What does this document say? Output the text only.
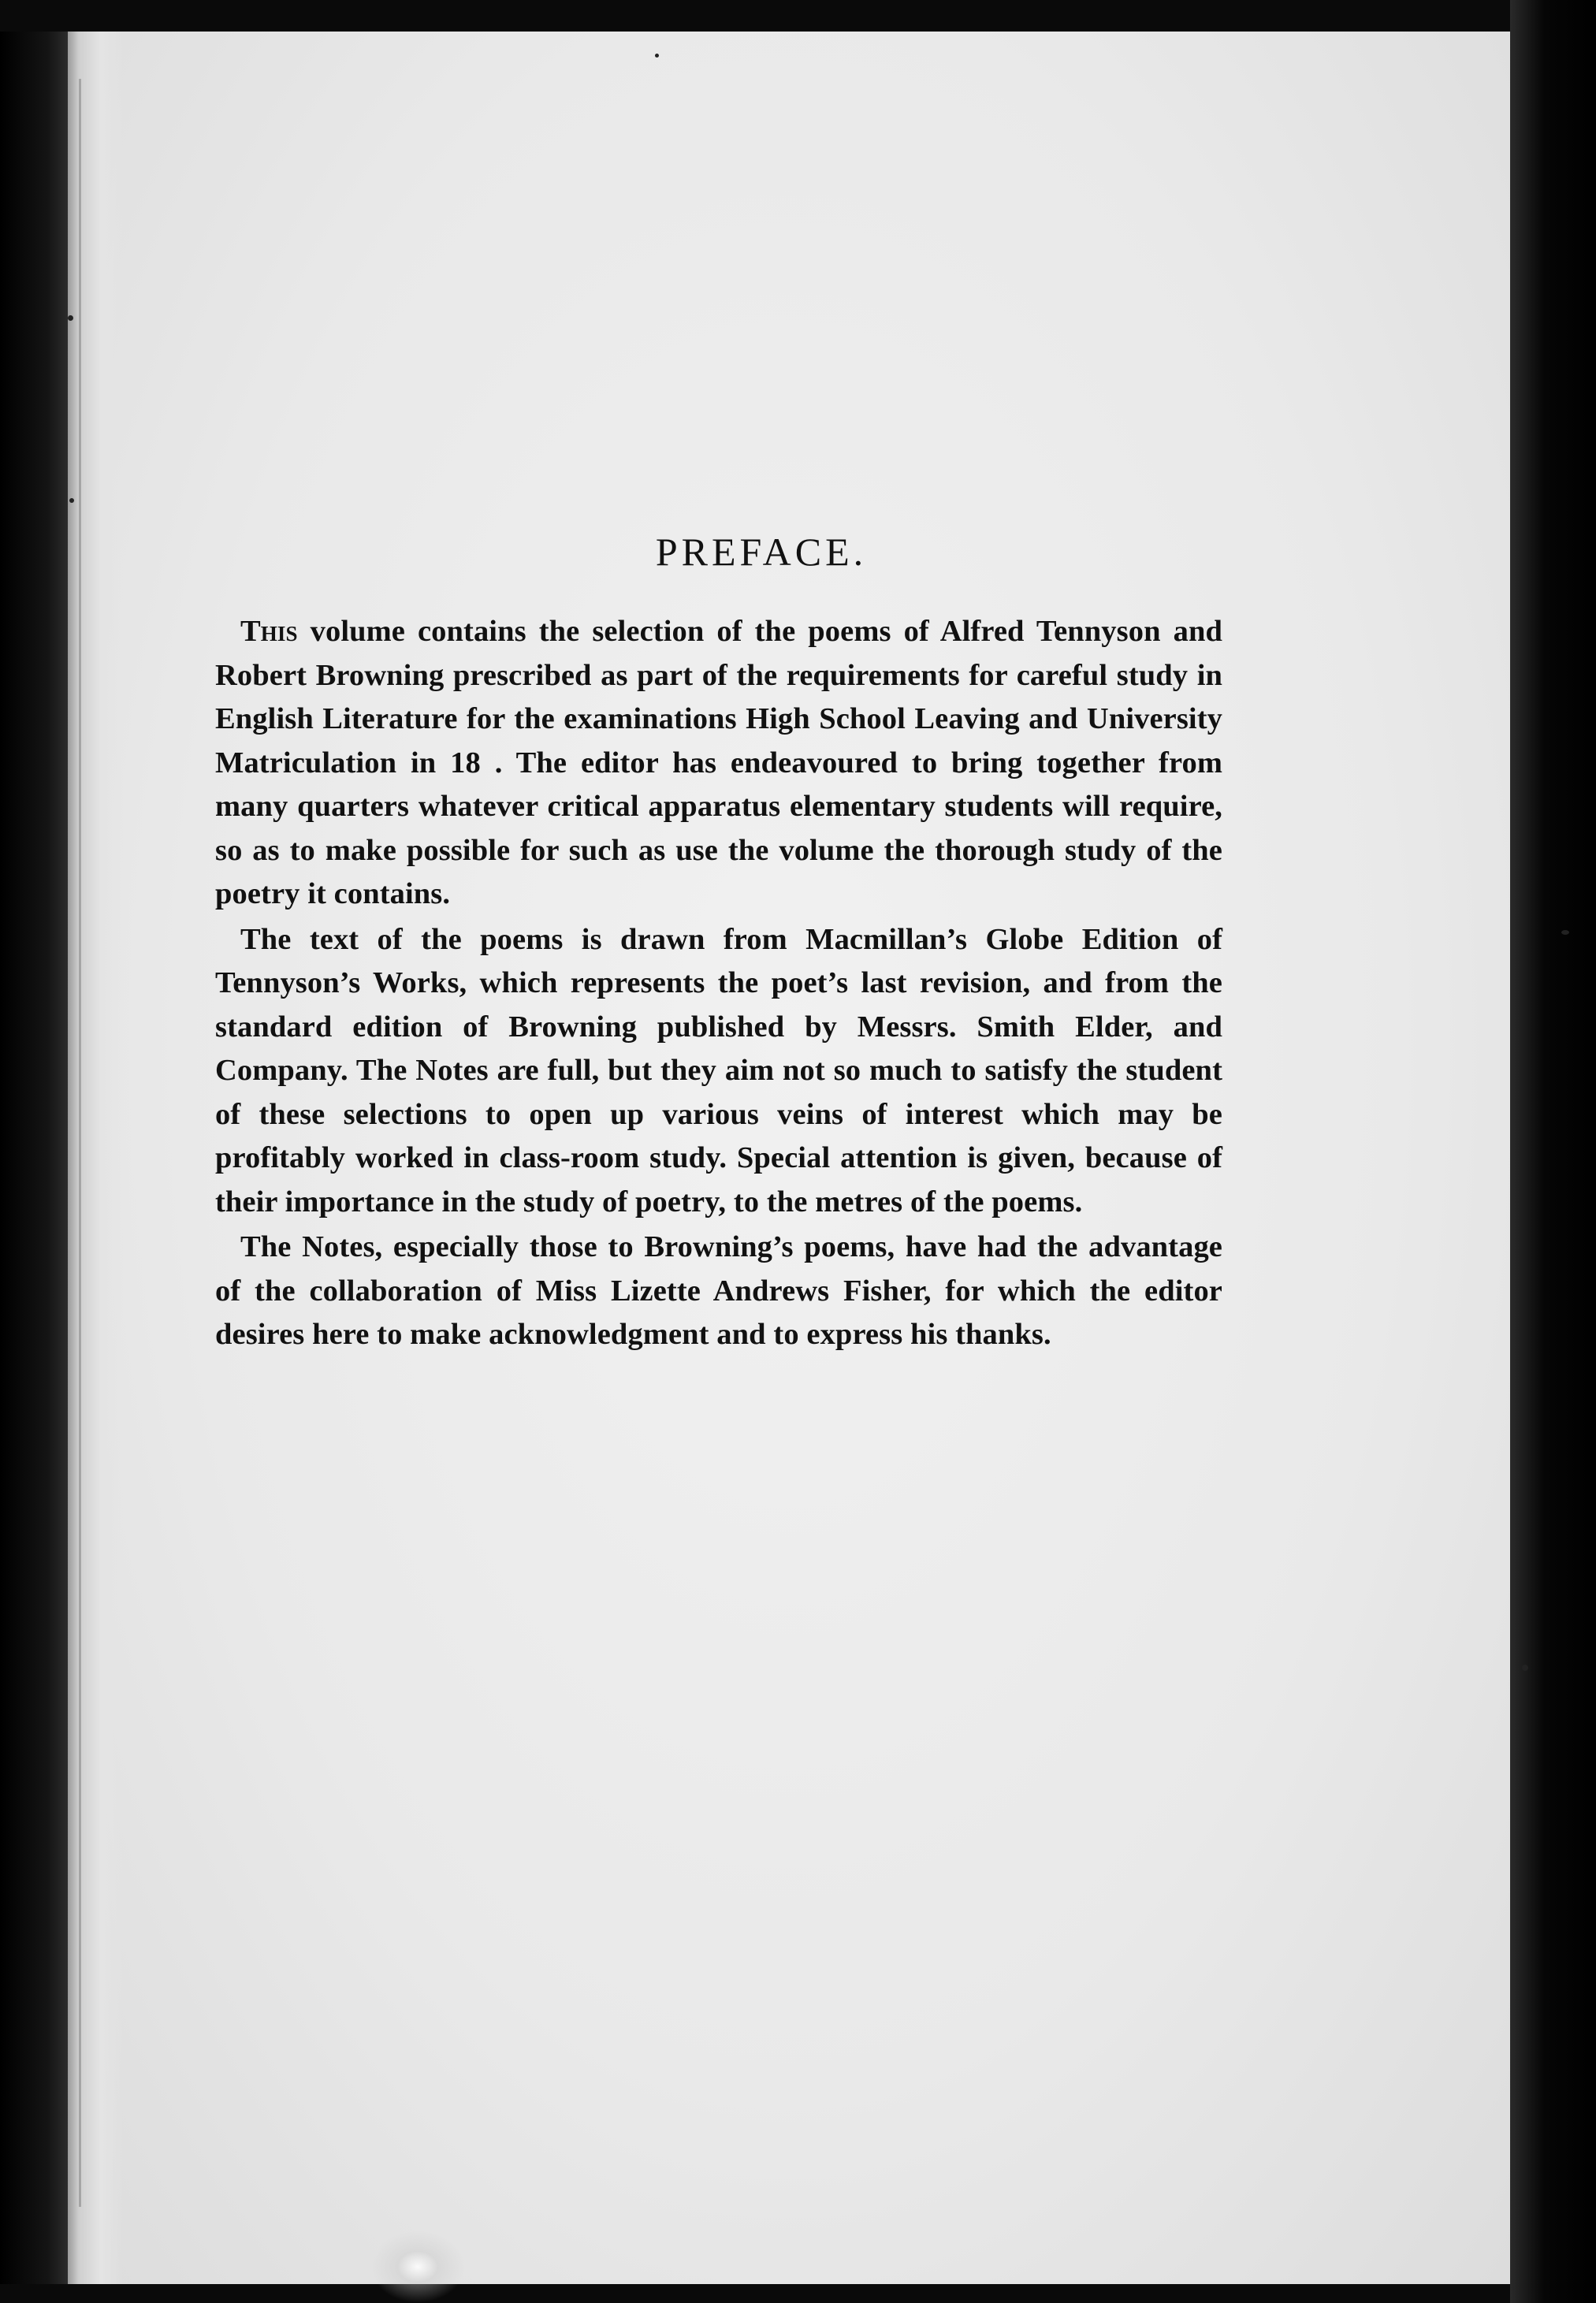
PREFACE.

This volume contains the selection of the poems of Alfred Tennyson and Robert Browning prescribed as part of the requirements for careful study in English Literature for the examinations High School Leaving and University Matriculation in 18 . The editor has endeavoured to bring together from many quarters whatever critical apparatus elementary students will require, so as to make possible for such as use the volume the thorough study of the poetry it contains.

The text of the poems is drawn from Macmillan’s Globe Edition of Tennyson’s Works, which represents the poet’s last revision, and from the standard edition of Browning published by Messrs. Smith Elder, and Company. The Notes are full, but they aim not so much to satisfy the student of these selections to open up various veins of interest which may be profitably worked in class-room study. Special attention is given, because of their importance in the study of poetry, to the metres of the poems.

The Notes, especially those to Browning’s poems, have had the advantage of the collaboration of Miss Lizette Andrews Fisher, for which the editor desires here to make acknowledgment and to express his thanks.
